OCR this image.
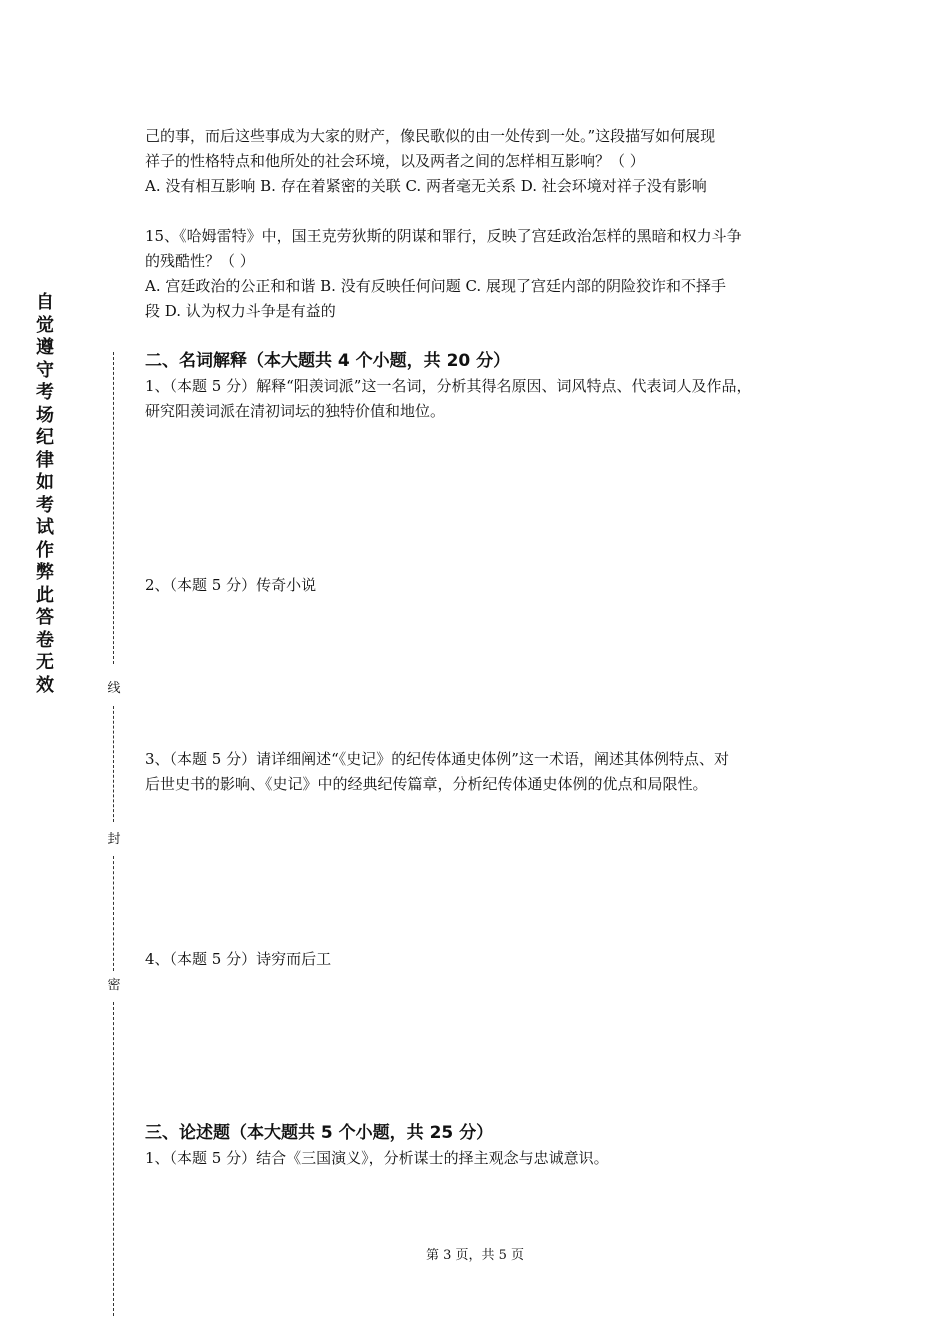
自觉遵守考场纪律如考试作弊此答卷无效	线
封
密

己的事，而后这些事成为大家的财产，像民歌似的由一处传到一处。”这段描写如何展现

祥子的性格特点和他所处的社会环境，以及两者之间的怎样相互影响？（ ）

A. 没有相互影响 B. 存在着紧密的关联 C. 两者毫无关系 D. 社会环境对祥子没有影响

15、《哈姆雷特》中，国王克劳狄斯的阴谋和罪行，反映了宫廷政治怎样的黑暗和权力斗争

的残酷性？（ ）

A. 宫廷政治的公正和和谐 B. 没有反映任何问题 C. 展现了宫廷内部的阴险狡诈和不择手

段 D. 认为权力斗争是有益的

二、名词解释（本大题共 4 个小题，共 20 分）

1、（本题 5 分）解释“阳羡词派”这一名词，分析其得名原因、词风特点、代表词人及作品，

研究阳羡词派在清初词坛的独特价值和地位。

2、（本题 5 分）传奇小说

3、（本题 5 分）请详细阐述“《史记》的纪传体通史体例”这一术语，阐述其体例特点、对

后世史书的影响、《史记》中的经典纪传篇章，分析纪传体通史体例的优点和局限性。

4、（本题 5 分）诗穷而后工

三、论述题（本大题共 5 个小题，共 25 分）

1、（本题 5 分）结合《三国演义》，分析谋士的择主观念与忠诚意识。

第 3 页，共 5 页
